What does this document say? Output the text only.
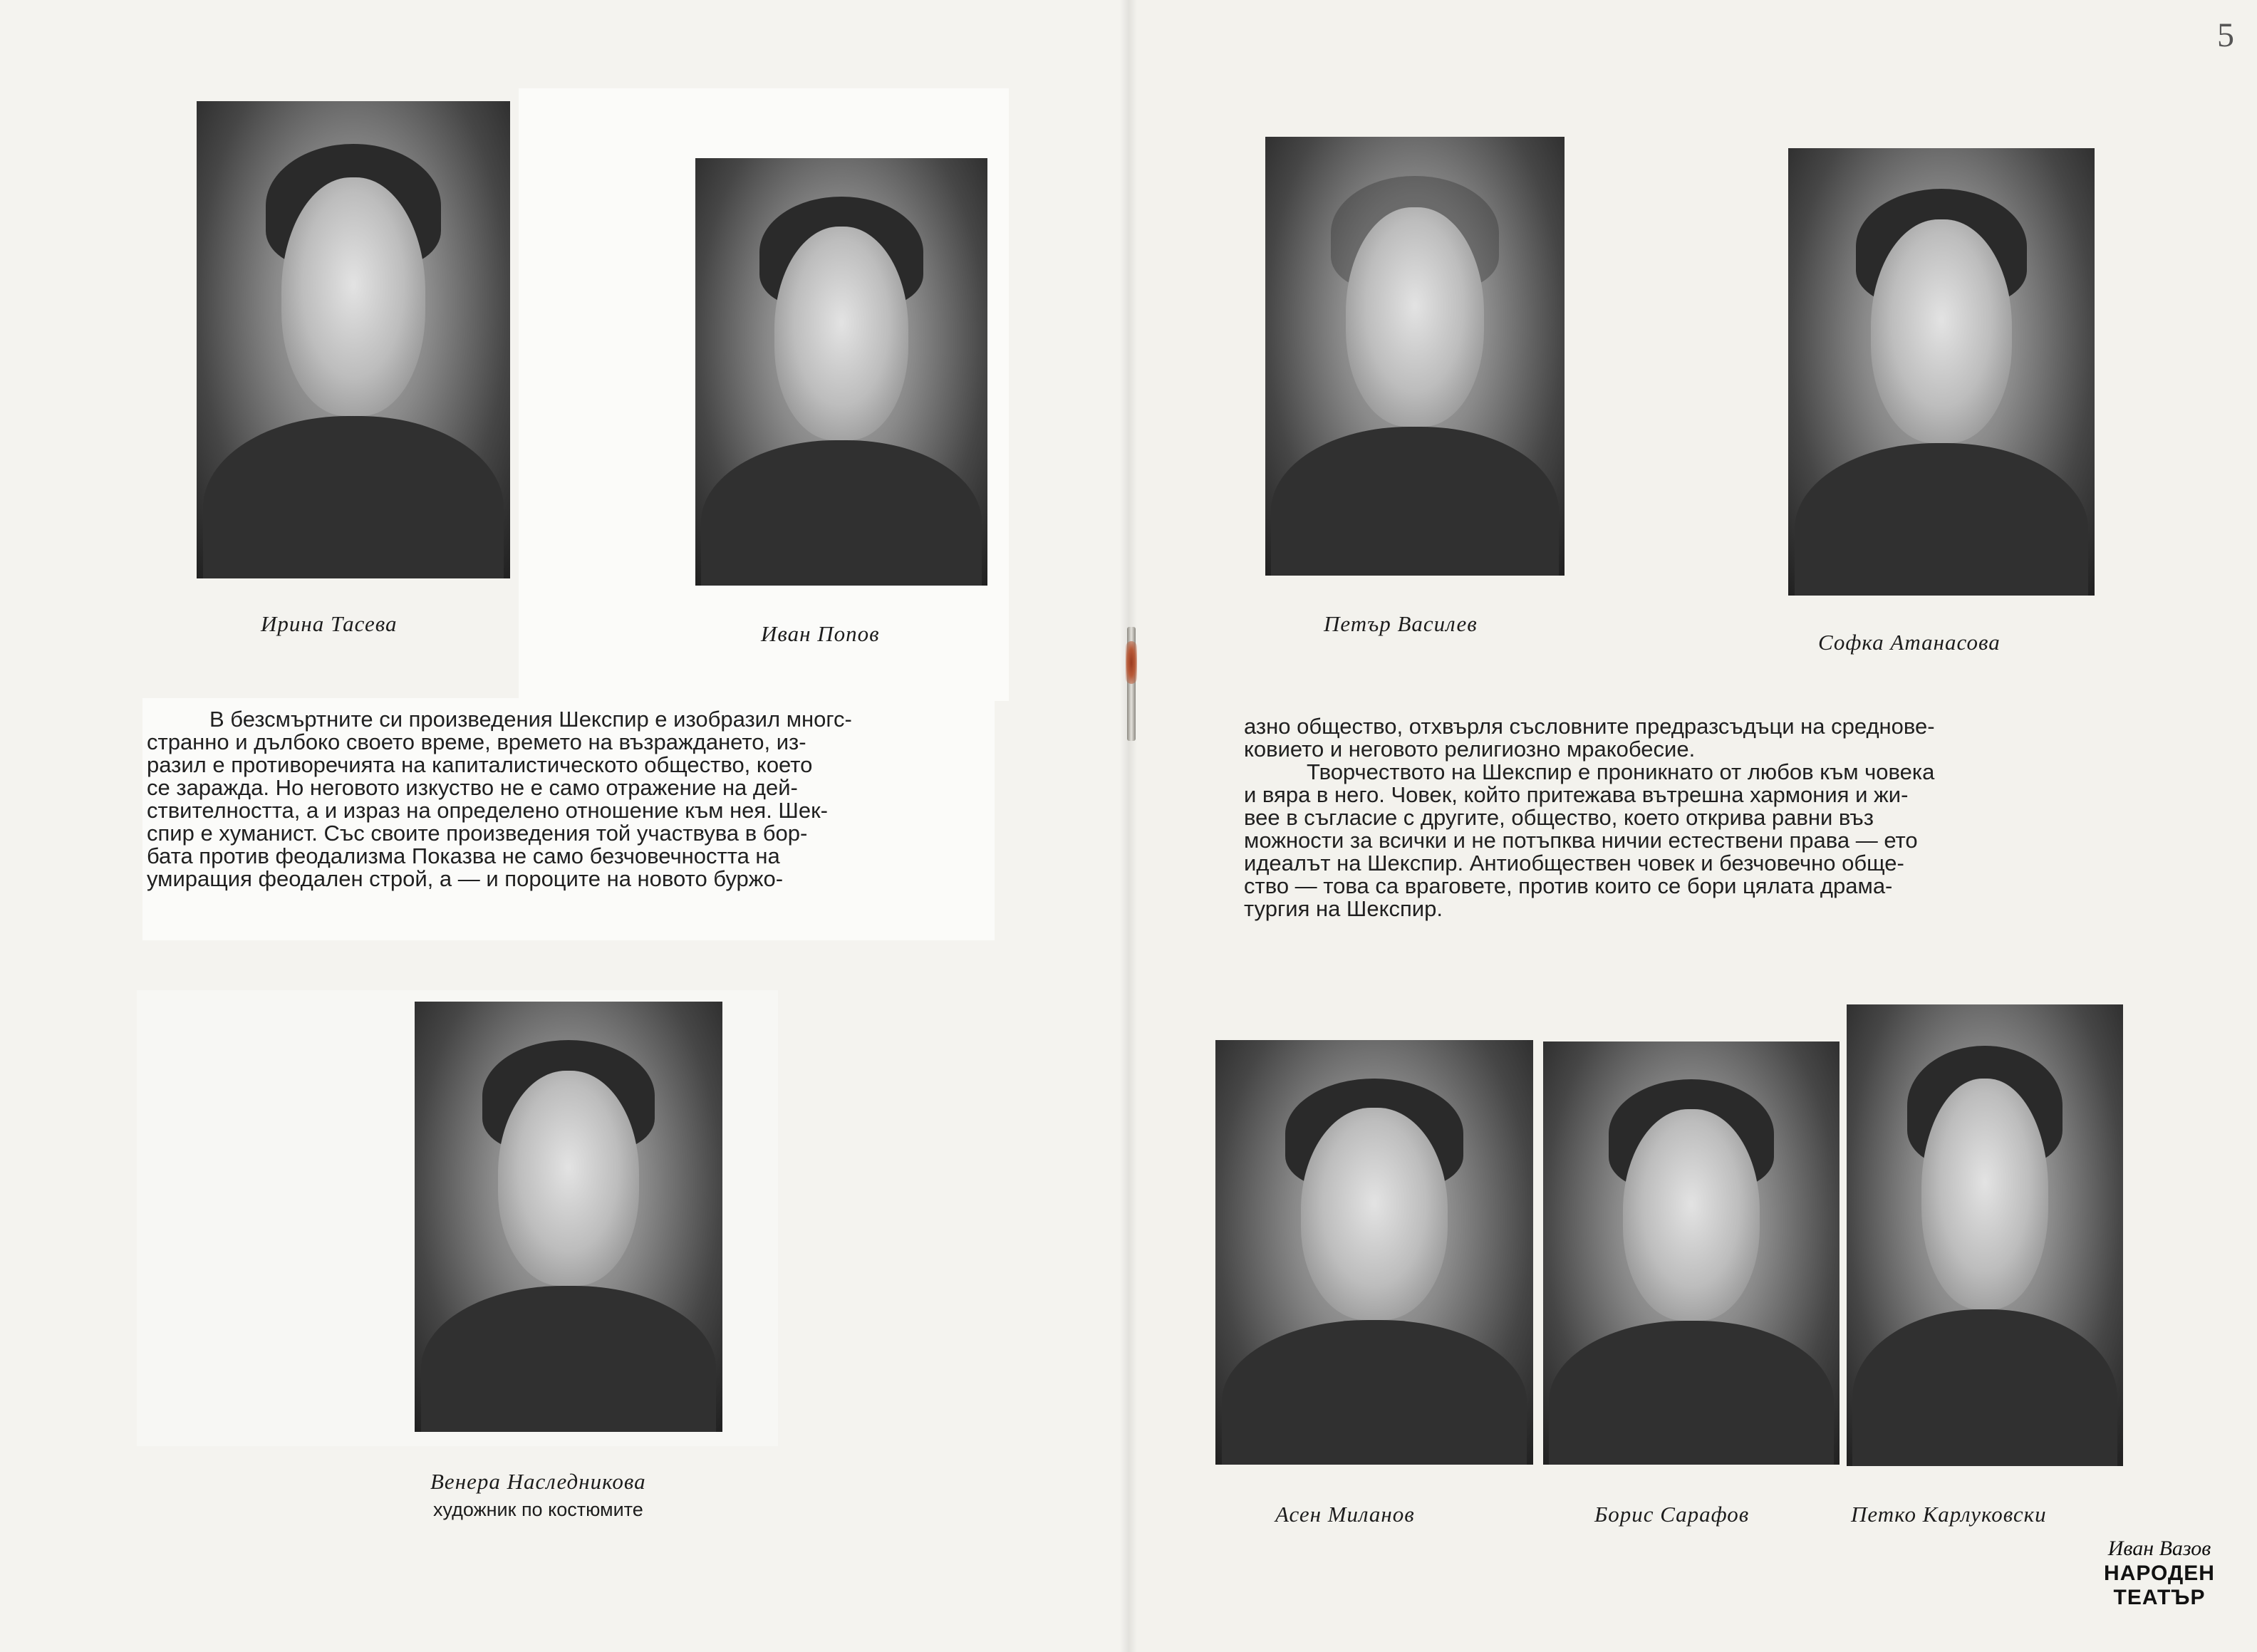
5
Ирина Тасева	Иван Попов	Петър Василев
Софка Атанасова
В безсмъртните си произведения Шекспир е изобразил многс-
странно и дълбоко своето време, времето на възраждането, из-
разил е противоречията на капиталистическото общество, което
се заражда. Но неговото изкуство не е само отражение на дей-
ствителността, а и израз на определено отношение към нея. Шек-
спир е хуманист. Със своите произведения той участвува в бор-
бата против феодализма Показва не само безчовечността на
умиращия феодален строй, а — и пороците на новото буржо-
азно общество, отхвърля съсловните предразсъдъци на среднове-
ковието и неговото религиозно мракобесие.
Творчеството на Шекспир е проникнато от любов към човека
и вяра в него. Човек, който притежава вътрешна хармония и жи-
вее в съгласие с другите, общество, което открива равни въз
можности за всички и не потъпква ничии естествени права — ето
идеалът на Шекспир. Антиобществен човек и безчовечно обще-
ство — това са враговете, против които се бори цялата драма-
тургия на Шекспир.
Венера Наследникова
художник по костюмите	Асен Миланов	Борис Сарафов	Петко Карлуковски
Иван Вазов
НАРОДЕН
ТЕАТЪР
